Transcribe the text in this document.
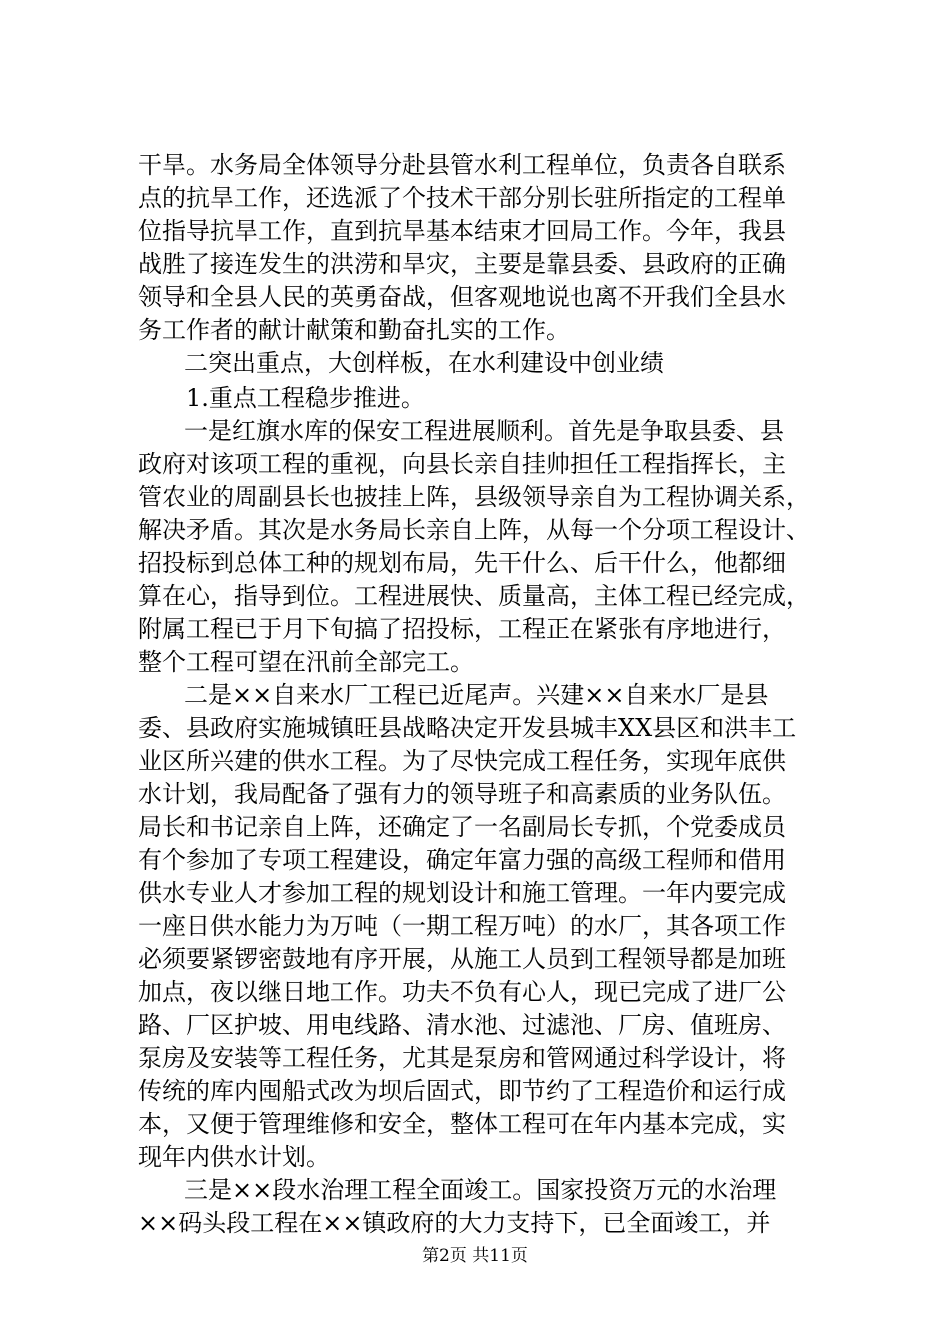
干旱。水务局全体领导分赴县管水利工程单位，负责各自联系
点的抗旱工作，还选派了个技术干部分别长驻所指定的工程单
位指导抗旱工作，直到抗旱基本结束才回局工作。今年，我县
战胜了接连发生的洪涝和旱灾，主要是靠县委、县政府的正确
领导和全县人民的英勇奋战，但客观地说也离不开我们全县水
务工作者的献计献策和勤奋扎实的工作。
二突出重点，大创样板，在水利建设中创业绩
1.重点工程稳步推进。
一是红旗水库的保安工程进展顺利。首先是争取县委、县
政府对该项工程的重视，向县长亲自挂帅担任工程指挥长，主
管农业的周副县长也披挂上阵，县级领导亲自为工程协调关系，
解决矛盾。其次是水务局长亲自上阵，从每一个分项工程设计、
招投标到总体工种的规划布局，先干什么、后干什么，他都细
算在心，指导到位。工程进展快、质量高，主体工程已经完成，
附属工程已于月下旬搞了招投标，工程正在紧张有序地进行，
整个工程可望在汛前全部完工。
二是××自来水厂工程已近尾声。兴建××自来水厂是县
委、县政府实施城镇旺县战略决定开发县城丰XX县区和洪丰工
业区所兴建的供水工程。为了尽快完成工程任务，实现年底供
水计划，我局配备了强有力的领导班子和高素质的业务队伍。
局长和书记亲自上阵，还确定了一名副局长专抓，个党委成员
有个参加了专项工程建设，确定年富力强的高级工程师和借用
供水专业人才参加工程的规划设计和施工管理。一年内要完成
一座日供水能力为万吨（一期工程万吨）的水厂，其各项工作
必须要紧锣密鼓地有序开展，从施工人员到工程领导都是加班
加点，夜以继日地工作。功夫不负有心人，现已完成了进厂公
路、厂区护坡、用电线路、清水池、过滤池、厂房、值班房、
泵房及安装等工程任务，尤其是泵房和管网通过科学设计，将
传统的库内囤船式改为坝后固式，即节约了工程造价和运行成
本，又便于管理维修和安全，整体工程可在年内基本完成，实
现年内供水计划。
三是××段水治理工程全面竣工。国家投资万元的水治理
××码头段工程在××镇政府的大力支持下，已全面竣工，并
第2页 共11页
